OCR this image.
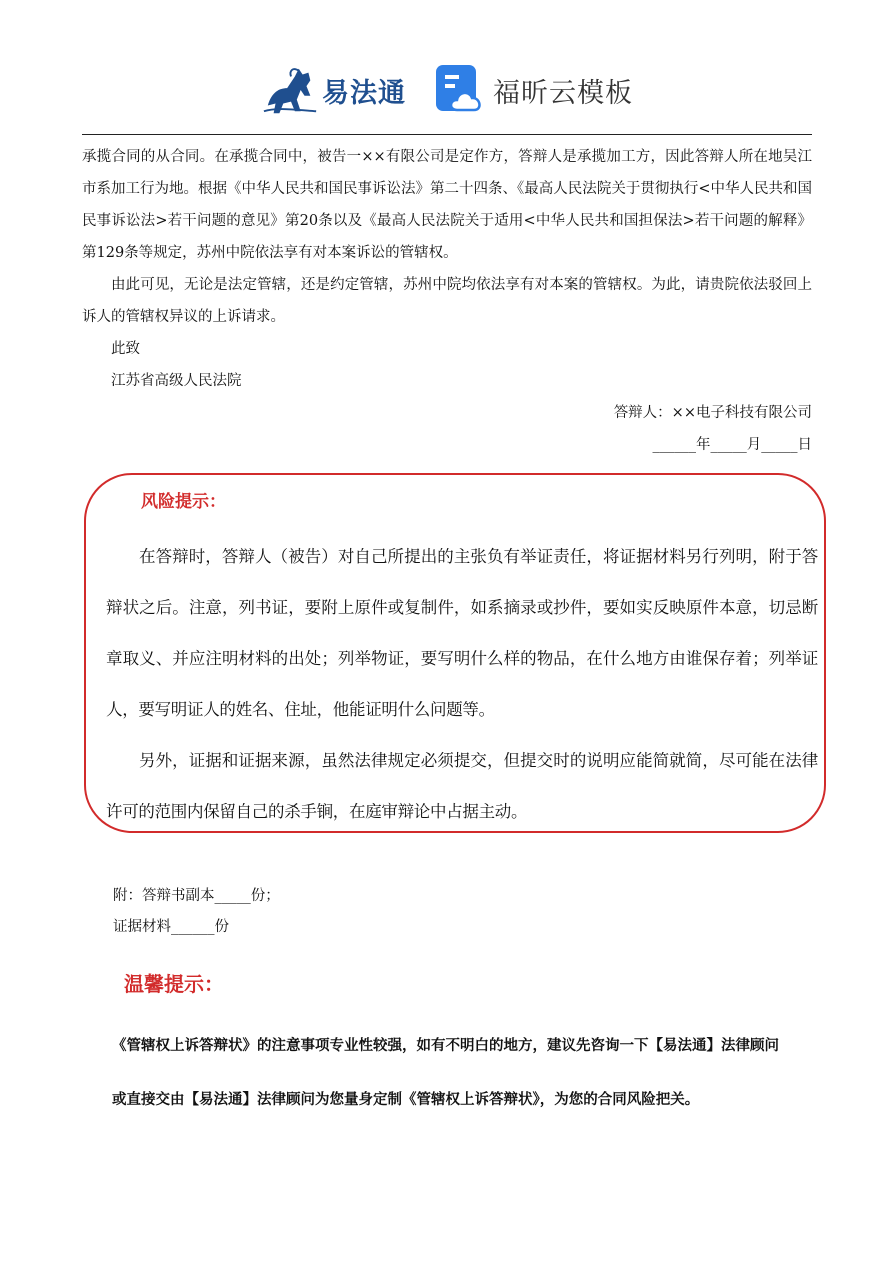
易法通	福昕云模板

承揽合同的从合同。在承揽合同中，被告一××有限公司是定作方，答辩人是承揽加工方，因此答辩人所在地吴江市系加工行为地。根据《中华人民共和国民事诉讼法》第二十四条、《最高人民法院关于贯彻执行<中华人民共和国民事诉讼法>若干问题的意见》第20条以及《最高人民法院关于适用<中华人民共和国担保法>若干问题的解释》第129条等规定，苏州中院依法享有对本案诉讼的管辖权。

由此可见，无论是法定管辖，还是约定管辖，苏州中院均依法享有对本案的管辖权。为此，请贵院依法驳回上诉人的管辖权异议的上诉请求。

此致

江苏省高级人民法院

答辩人：××电子科技有限公司

______年_____月_____日

风险提示：

在答辩时，答辩人（被告）对自己所提出的主张负有举证责任，将证据材料另行列明，附于答辩状之后。注意，列书证，要附上原件或复制件，如系摘录或抄件，要如实反映原件本意，切忌断章取义、并应注明材料的出处；列举物证，要写明什么样的物品，在什么地方由谁保存着；列举证人，要写明证人的姓名、住址，他能证明什么问题等。

另外，证据和证据来源，虽然法律规定必须提交，但提交时的说明应能简就简，尽可能在法律许可的范围内保留自己的杀手锏，在庭审辩论中占据主动。

附：答辩书副本_____份；

证据材料______份

温馨提示：

《管辖权上诉答辩状》的注意事项专业性较强，如有不明白的地方，建议先咨询一下【易法通】法律顾问

或直接交由【易法通】法律顾问为您量身定制《管辖权上诉答辩状》，为您的合同风险把关。
